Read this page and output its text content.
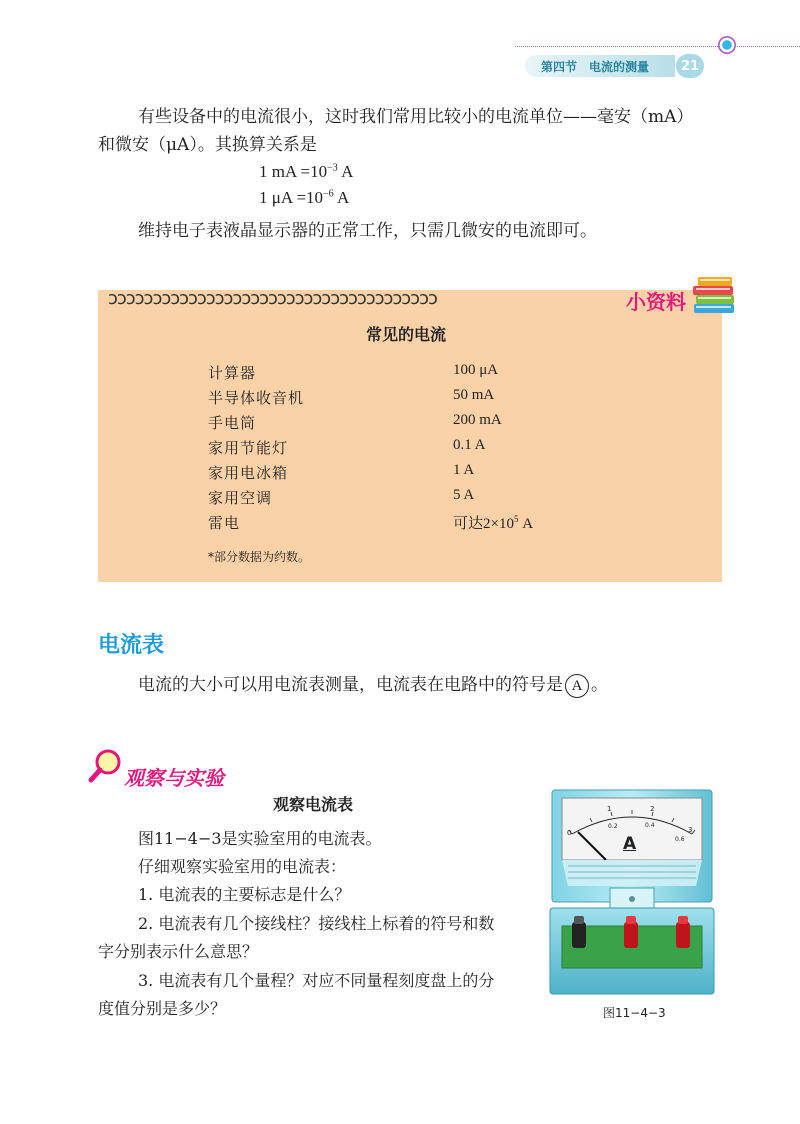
第四节 电流的测量	21
有些设备中的电流很小，这时我们常用比较小的电流单位——毫安（mA）
和微安（μA）。其换算关系是
1 mA $=10^{-3}$ A
1 $\mu A =10^{-6}$ A
维持电子表液晶显示器的正常工作，只需几微安的电流即可。
ↄↄↄↄↄↄↄↄↄↄↄↄↄↄↄↄↄↄↄↄↄↄↄↄↄↄↄↄↄↄↄↄↄↄↄↄↄ	小资料
常见的电流
计算器	100 μA
半导体收音机	50 mA
手电筒	200 mA
家用节能灯	0.1 A
家用电冰箱	1 A
家用空调	5 A
雷电	可达$2\times 10^5$ A
*部分数据为约数。
电流表
电流的大小可以用电流表测量，电流表在电路中的符号是 A 。
观察与实验
观察电流表
图11−4−3是实验室用的电流表。
仔细观察实验室用的电流表：
1. 电流表的主要标志是什么？
2. 电流表有几个接线柱？接线柱上标着的符号和数
字分别表示什么意思？
3. 电流表有几个量程？对应不同量程刻度盘上的分
度值分别是多少？
0
1	2
3
0.2	0.4
0.6
A
图11−4−3
